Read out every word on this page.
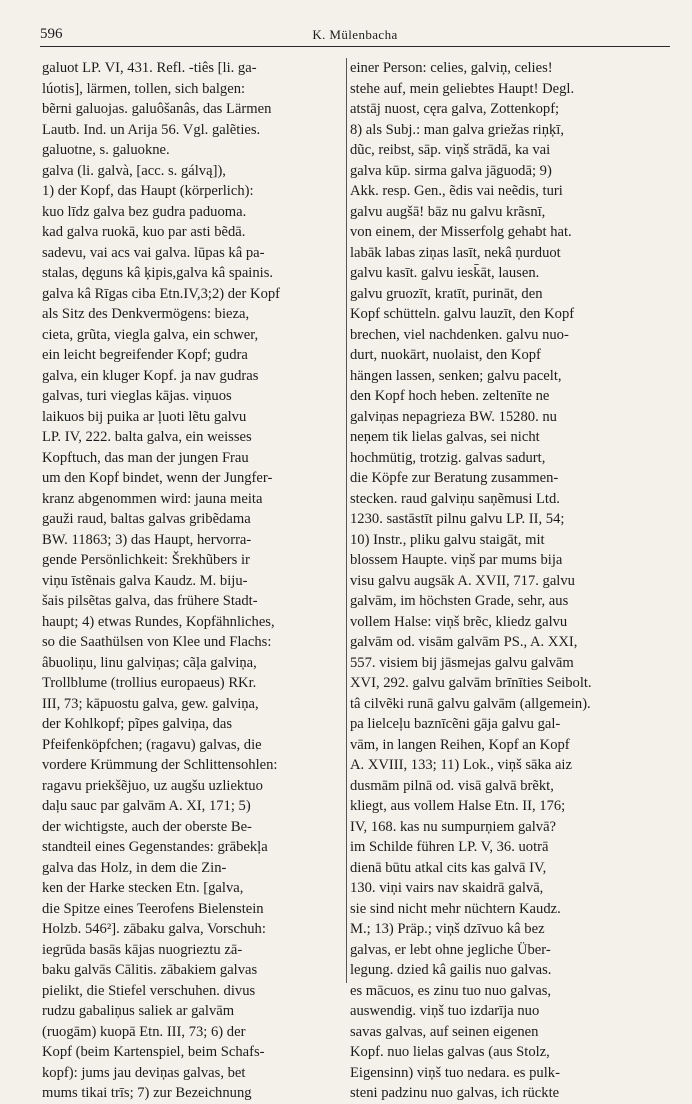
596	K. Mülenbacha
galuot LP. VI, 431. Refl. -tiês [li. ga-
lúotis], lärmen, tollen, sich balgen:
bẽrni galuojas. galuôšanâs, das Lärmen
Lautb. Ind. un Arija 56. Vgl. galẽties.
galuotne, s. galuokne.
galva (li. galvà, [acc. s. gálvą]),
1) der Kopf, das Haupt (körperlich):
kuo līdz galva bez gudra paduoma.
kad galva ruokā, kuo par asti bẽdā.
sadevu, vai acs vai galva. lūpas kâ pa-
stalas, dęguns kâ ķipis,galva kâ spainis.
galva kâ Rīgas ciba Etn.IV,3;2) der Kopf
als Sitz des Denkvermögens: bieza,
cieta, grũta, viegla galva, ein schwer,
ein leicht begreifender Kopf; gudra
galva, ein kluger Kopf. ja nav gudras
galvas, turi vieglas kājas. viņuos
laikuos bij puika ar ļuoti lẽtu galvu
LP. IV, 222. balta galva, ein weisses
Kopftuch, das man der jungen Frau
um den Kopf bindet, wenn der Jungfer-
kranz abgenommen wird: jauna meita
gauži raud, baltas galvas gribẽdama
BW. 11863; 3) das Haupt, hervorra-
gende Persönlichkeit: Šrekhũbers ir
viņu īstẽnais galva Kaudz. M. biju-
šais pilsẽtas galva, das frühere Stadt-
haupt; 4) etwas Rundes, Kopfähnliches,
so die Saathülsen von Klee und Flachs:
âbuoliņu, linu galviņas; cãļa galviņa,
Trollblume (trollius europaeus) RKr.
III, 73; kāpuostu galva, gew. galviņa,
der Kohlkopf; pĩpes galviņa, das
Pfeifenköpfchen; (ragavu) galvas, die
vordere Krümmung der Schlittensohlen:
ragavu priekšẽjuo, uz augšu uzliektuo
daļu sauc par galvām A. XI, 171; 5)
der wichtigste, auch der oberste Be-
standteil eines Gegenstandes: grābekļa
galva das Holz, in dem die Zin-
ken der Harke stecken Etn. [galva,
die Spitze eines Teerofens Bielenstein
Holzb. 546²]. zābaku galva, Vorschuh:
iegrūda basās kājas nuogrieztu zā-
baku galvās Cālitis. zābakiem galvas
pielikt, die Stiefel verschuhen. divus
rudzu gabaliņus saliek ar galvām
(ruogām) kuopā Etn. III, 73; 6) der
Kopf (beim Kartenspiel, beim Schafs-
kopf): jums jau deviņas galvas, bet
mums tikai trīs; 7) zur Bezeichnung
einer Person: celies, galviņ, celies!
stehe auf, mein geliebtes Haupt! Degl.
atstāj nuost, cęra galva, Zottenkopf;
8) als Subj.: man galva griežas riņķī,
dũc, reibst, sāp. viņš strādā, ka vai
galva kūp. sirma galva jāguodā; 9)
Akk. resp. Gen., ẽdis vai neẽdis, turi
galvu augšā! bāz nu galvu krãsnī,
von einem, der Misserfolg gehabt hat.
labāk labas ziņas lasīt, nekâ ņurduot
galvu kasīt. galvu iesk̄āt, lausen.
galvu gruozīt, kratīt, purināt, den
Kopf schütteln. galvu lauzīt, den Kopf
brechen, viel nachdenken. galvu nuo-
durt, nuokārt, nuolaist, den Kopf
hängen lassen, senken; galvu pacelt,
den Kopf hoch heben. zeltenīte ne
galviņas nepagrieza BW. 15280. nu
neņem tik lielas galvas, sei nicht
hochmütig, trotzig. galvas sadurt,
die Köpfe zur Beratung zusammen-
stecken. raud galviņu saņẽmusi Ltd.
1230. sastāstīt pilnu galvu LP. II, 54;
10) Instr., pliku galvu staigāt, mit
blossem Haupte. viņš par mums bija
visu galvu augsāk A. XVII, 717. galvu
galvām, im höchsten Grade, sehr, aus
vollem Halse: viņš brẽc, kliedz galvu
galvām od. visām galvām PS., A. XXI,
557. visiem bij jāsmejas galvu galvām
XVI, 292. galvu galvām brīnīties Seibolt.
tâ cilvẽki runā galvu galvām (allgemein).
pa lielceļu baznīcẽni gāja galvu gal-
vām, in langen Reihen, Kopf an Kopf
A. XVIII, 133; 11) Lok., viņš sāka aiz
dusmām pilnā od. visā galvā brẽkt,
kliegt, aus vollem Halse Etn. II, 176;
IV, 168. kas nu sumpurņiem galvā?
im Schilde führen LP. V, 36. uotrā
dienā būtu atkal cits kas galvā IV,
130. viņi vairs nav skaidrā galvā,
sie sind nicht mehr nüchtern Kaudz.
M.; 13) Präp.; viņš dzīvuo kâ bez
galvas, er lebt ohne jegliche Über-
legung. dzied kâ gailis nuo galvas.
es mācuos, es zinu tuo nuo galvas,
auswendig. viņš tuo izdarīja nuo
savas galvas, auf seinen eigenen
Kopf. nuo lielas galvas (aus Stolz,
Eigensinn) viņš tuo nedara. es pulk-
steni padzinu nuo galvas, ich rückte
